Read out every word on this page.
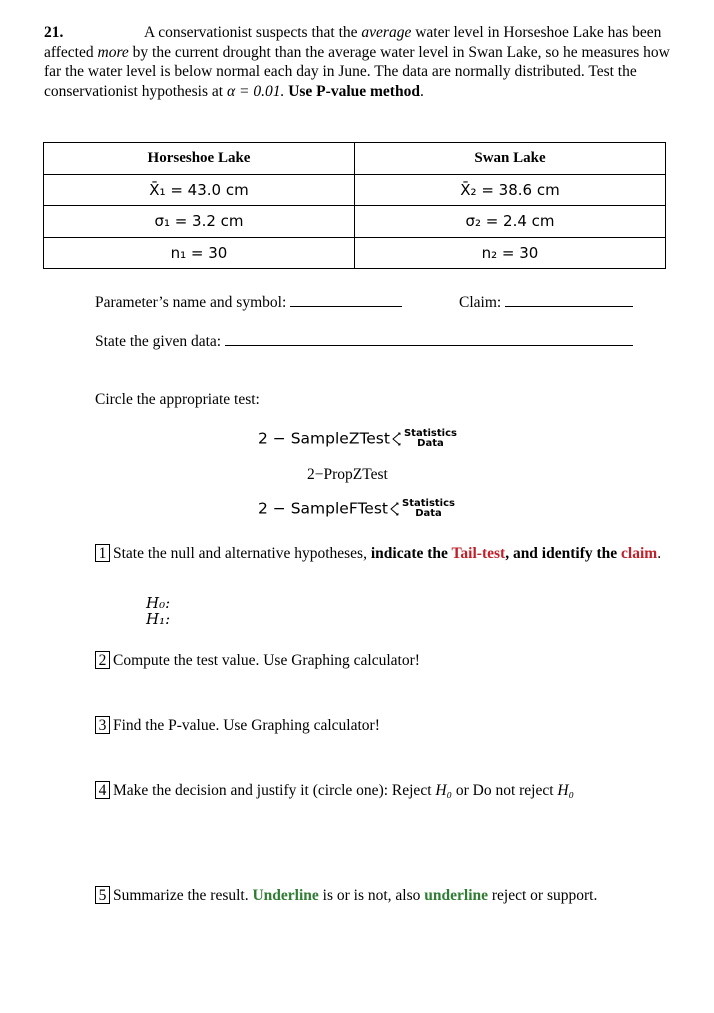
21.	A conservationist suspects that the average water level in Horseshoe Lake has been affected more by the current drought than the average water level in Swan Lake, so he measures how far the water level is below normal each day in June. The data are normally distributed. Test the conservationist hypothesis at α = 0.01. Use P-value method.
Horseshoe Lake	Swan Lake
X̄₁ = 43.0 cm	X̄₂ = 38.6 cm
σ₁ = 3.2 cm	σ₂ = 2.4 cm
n₁ = 30	n₂ = 30
Parameter’s name and symbol:	Claim:
State the given data:
Circle the appropriate test:
2 − SampleZTest Statistics
Data
2−PropZTest
2 − SampleFTest Statistics
Data
1 State the null and alternative hypotheses, indicate the Tail-test, and identify the claim.
H₀:
H₁:
2 Compute the test value. Use Graphing calculator!
3 Find the P-value. Use Graphing calculator!
4 Make the decision and justify it (circle one): Reject H₀ or Do not reject H₀
5 Summarize the result. Underline is or is not, also underline reject or support.
